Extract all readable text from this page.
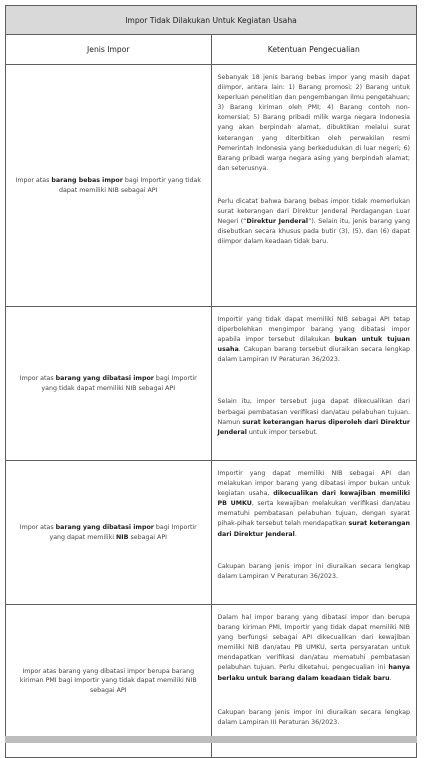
Impor Tidak Dilakukan Untuk Kegiatan Usaha	
Jenis Impor	Ketentuan Pengecualian
Impor atas barang bebas impor bagi Importir yang tidak dapat memiliki NIB sebagai API	Sebanyak 18 jenis barang bebas impor yang masih dapat diimpor, antara lain: 1) Barang promosi; 2) Barang untuk keperluan penelitian dan pengembangan ilmu pengetahuan; 3) Barang kiriman oleh PMI; 4) Barang contoh non-komersial; 5) Barang pribadi milik warga negara Indonesia yang akan berpindah alamat, dibuktikan melalui surat keterangan yang diterbitkan oleh perwakilan resmi Pemerintah Indonesia yang berkedudukan di luar negeri; 6) Barang pribadi warga negara asing yang berpindah alamat; dan seterusnya.

Perlu dicatat bahwa barang bebas impor tidak memerlukan surat keterangan dari Direktur Jenderal Perdagangan Luar Negeri (“Direktur Jenderal”). Selain itu, jenis barang yang disebutkan secara khusus pada butir (3), (5), dan (6) dapat diimpor dalam keadaan tidak baru.

Impor atas barang yang dibatasi impor bagi Importir yang tidak dapat memiliki NIB sebagai API	Importir yang tidak dapat memiliki NIB sebagai API tetap diperbolehkan mengimpor barang yang dibatasi impor apabila impor tersebut dilakukan bukan untuk tujuan usaha. Cakupan barang tersebut diuraikan secara lengkap dalam Lampiran IV Peraturan 36/2023.

Selain itu, impor tersebut juga dapat dikecualikan dari berbagai pembatasan verifikasi dan/atau pelabuhan tujuan. Namun surat keterangan harus diperoleh dari Direktur Jenderal untuk impor tersebut.

Impor atas barang yang dibatasi impor bagi Importir yang dapat memiliki NIB sebagai API	Importir yang dapat memiliki NIB sebagai API dan melakukan impor barang yang dibatasi impor bukan untuk kegiatan usaha, dikecualikan dari kewajiban memiliki PB UMKU, serta kewajiban melakukan verifikasi dan/atau mematuhi pembatasan pelabuhan tujuan, dengan syarat pihak-pihak tersebut telah mendapatkan surat keterangan dari Direktur Jenderal.

Cakupan barang jenis impor ini diuraikan secara lengkap dalam Lampiran V Peraturan 36/2023.

Impor atas barang yang dibatasi impor berupa barang kiriman PMI bagi Importir yang tidak dapat memiliki NIB sebagai API	Dalam hal impor barang yang dibatasi impor dan berupa barang kiriman PMI, Importir yang tidak dapat memiliki NIB yang berfungsi sebagai API dikecualikan dari kewajiban memiliki NIB dan/atau PB UMKU, serta persyaratan untuk mendapatkan verifikasi dan/atau mematuhi pembatasan pelabuhan tujuan. Perlu diketahui, pengecualian ini hanya berlaku untuk barang dalam keadaan tidak baru.

Cakupan barang jenis impor ini diuraikan secara lengkap dalam Lampiran III Peraturan 36/2023.
